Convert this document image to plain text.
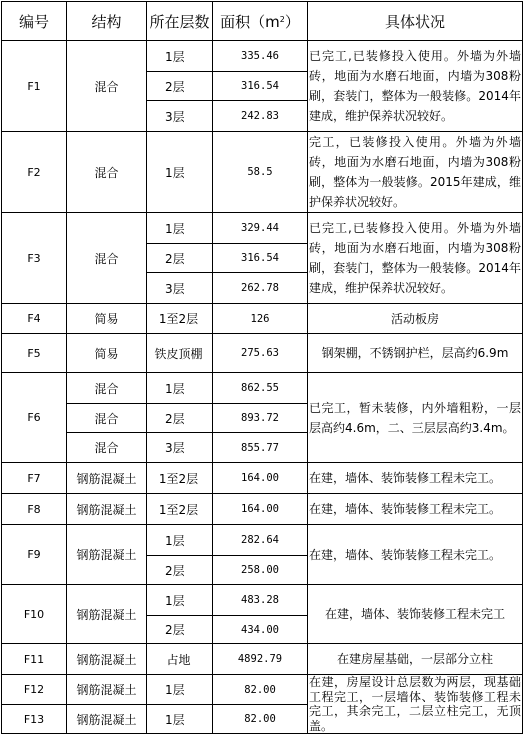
编号	结构	所在层数	面积$(m^2)$	具体状况
F1	混合	1层	335.46	已完工,已装修投入使用。外墙为外墙砖，地面为水磨石地面，内墙为308粉刷，套装门，整体为一般装修。2014年建成，维护保养状况较好。
		2层	316.54	
		3层	242.83	
F2	混合	1层	58.5	完工，已装修投入使用。外墙为外墙砖，地面为水磨石地面，内墙为308粉刷，整体为一般装修。2015年建成，维护保养状况较好。
F3	混合	1层	329.44	已完工,已装修投入使用。外墙为外墙砖，地面为水磨石地面，内墙为308粉刷，套装门，整体为一般装修。2014年建成，维护保养状况较好。
		2层	316.54	
		3层	262.78	
F4	简易	1至2层	126	活动板房
F5	简易	铁皮顶棚	275.63	钢架棚，不锈钢护栏，层高约6.9m
F6	混合	1层	862.55	已完工，暂未装修，内外墙粗粉，一层层高约4.6m，二、三层层高约3.4m。
	混合	2层	893.72	
	混合	3层	855.77	
F7	钢筋混凝土	1至2层	164.00	在建，墙体、装饰装修工程未完工。
F8	钢筋混凝土	1至2层	164.00	在建，墙体、装饰装修工程未完工。
F9	钢筋混凝土	1层	282.64	在建，墙体、装饰装修工程未完工。
		2层	258.00	
F10	钢筋混凝土	1层	483.28	在建，墙体、装饰装修工程未完工
		2层	434.00	
F11	钢筋混凝土	占地	4892.79	在建房屋基础，一层部分立柱
F12	钢筋混凝土	1层	82.00	在建，房屋设计总层数为两层，现基础工程完工，一层墙体、装饰装修工程未完工，其余完工，二层立柱完工，无顶盖。
F13	钢筋混凝土	1层	82.00	
